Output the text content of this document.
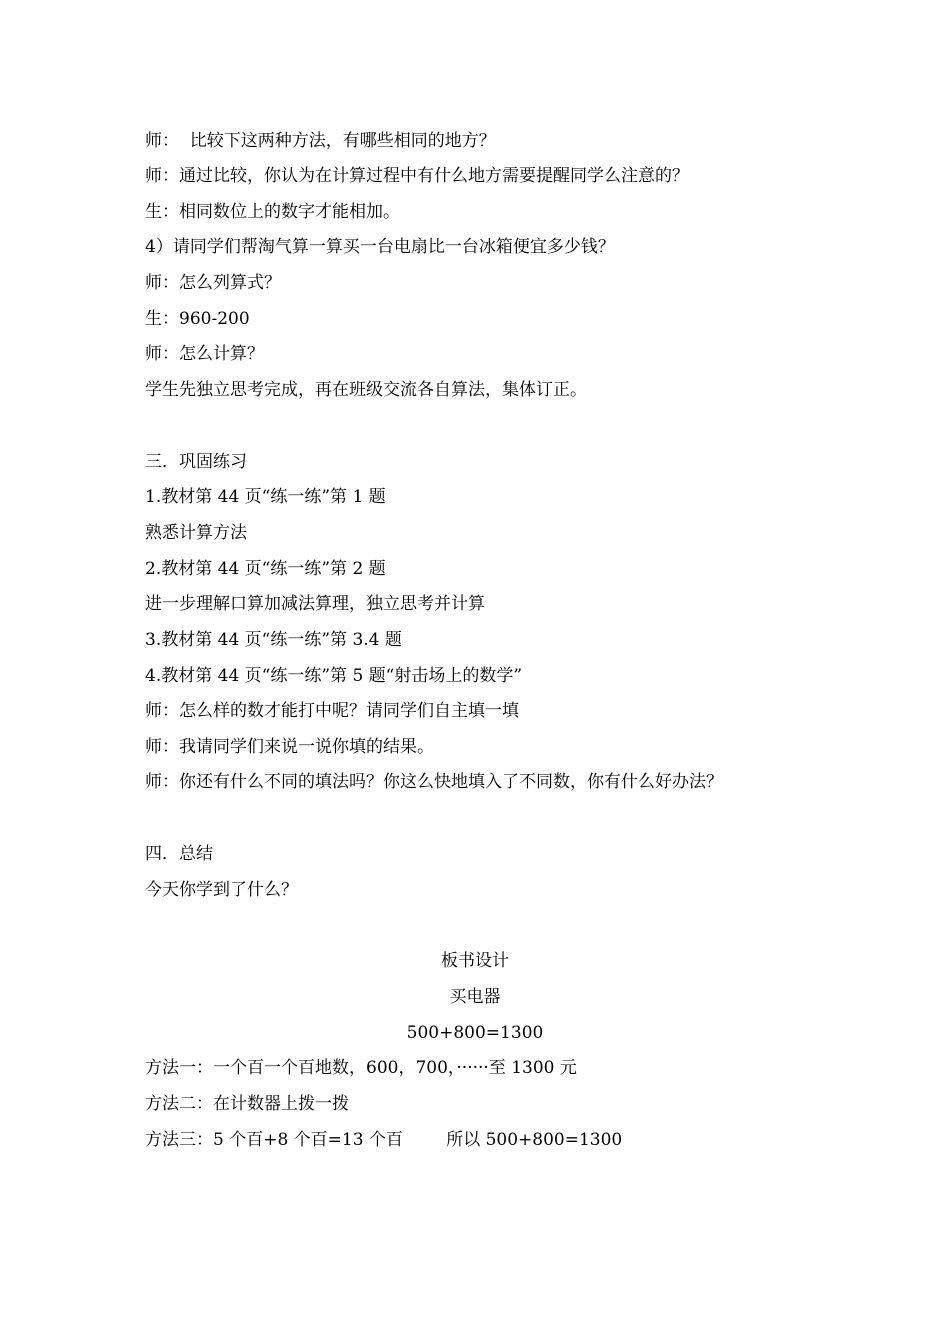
师：  比较下这两种方法，有哪些相同的地方？
师：通过比较，你认为在计算过程中有什么地方需要提醒同学么注意的？
生：相同数位上的数字才能相加。
4）请同学们帮淘气算一算买一台电扇比一台冰箱便宜多少钱？
师：怎么列算式？
生：960-200
师：怎么计算？
学生先独立思考完成，再在班级交流各自算法，集体订正。
三．巩固练习
1.教材第 44 页“练一练”第 1 题
熟悉计算方法
2.教材第 44 页“练一练”第 2 题
进一步理解口算加减法算理，独立思考并计算
3.教材第 44 页“练一练”第 3.4 题
4.教材第 44 页“练一练”第 5 题“射击场上的数学”
师：怎么样的数才能打中呢？请同学们自主填一填
师：我请同学们来说一说你填的结果。
师：你还有什么不同的填法吗？你这么快地填入了不同数，你有什么好办法？
四．总结
今天你学到了什么？
板书设计
买电器
500+800=1300
方法一：一个百一个百地数，600，700，······至 1300 元
方法二：在计数器上拨一拨
方法三：5 个百+8 个百=13 个百        所以 500+800=1300
